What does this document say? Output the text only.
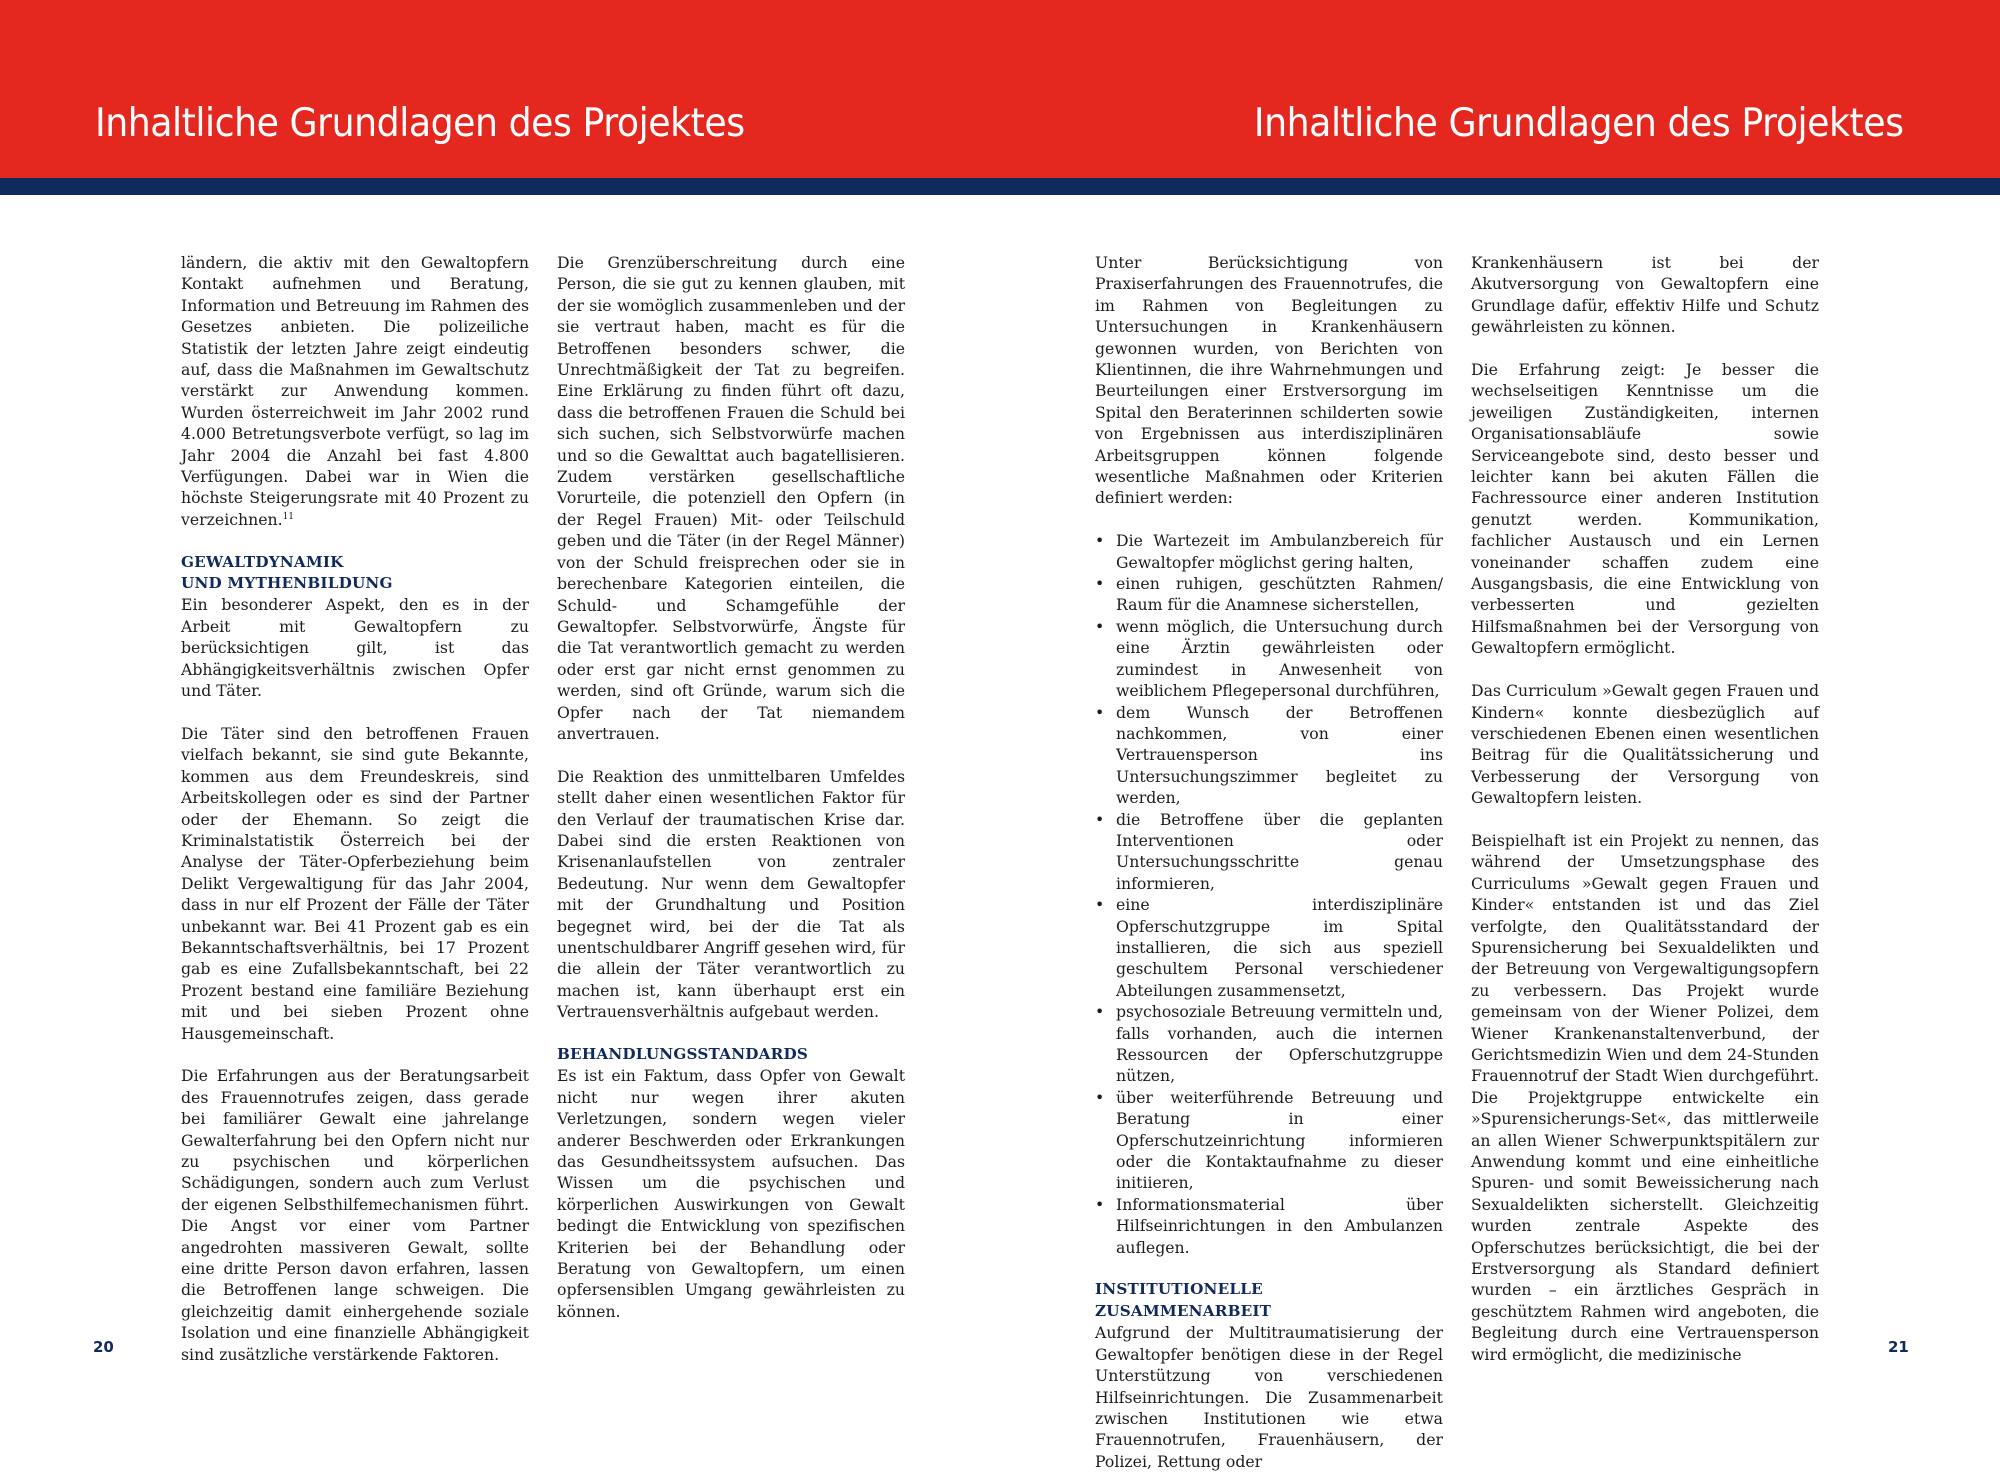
Inhaltliche Grundlagen des Projektes	Inhaltliche Grundlagen des Projektes

ländern, die aktiv mit den Gewaltopfern Kontakt aufnehmen und Beratung, Information und Betreuung im Rahmen des Gesetzes anbieten. Die polizeiliche Statistik der letzten Jahre zeigt eindeutig auf, dass die Maßnahmen im Gewaltschutz verstärkt zur Anwendung kommen. Wurden österreichweit im Jahr 2002 rund 4.000 Betretungsverbote verfügt, so lag im Jahr 2004 die Anzahl bei fast 4.800 Verfügungen. Dabei war in Wien die höchste Steigerungsrate mit 40 Prozent zu verzeichnen.$^{11}$

GEWALTDYNAMIK
UND MYTHENBILDUNG

Ein besonderer Aspekt, den es in der Arbeit mit Gewaltopfern zu berücksichtigen gilt, ist das Abhängigkeitsverhältnis zwischen Opfer und Täter.

Die Täter sind den betroffenen Frauen vielfach bekannt, sie sind gute Bekannte, kommen aus dem Freundeskreis, sind Arbeitskollegen oder es sind der Partner oder der Ehemann. So zeigt die Kriminalstatistik Österreich bei der Analyse der Täter-Opferbeziehung beim Delikt Vergewaltigung für das Jahr 2004, dass in nur elf Prozent der Fälle der Täter unbekannt war. Bei 41 Prozent gab es ein Bekanntschaftsverhältnis, bei 17 Prozent gab es eine Zufallsbekanntschaft, bei 22 Prozent bestand eine familiäre Beziehung mit und bei sieben Prozent ohne Hausgemeinschaft.

Die Erfahrungen aus der Beratungsarbeit des Frauennotrufes zeigen, dass gerade bei familiärer Gewalt eine jahrelange Gewalterfahrung bei den Opfern nicht nur zu psychischen und körperlichen Schädigungen, sondern auch zum Verlust der eigenen Selbsthilfemechanismen führt. Die Angst vor einer vom Partner angedrohten massiveren Gewalt, sollte eine dritte Person davon erfahren, lassen die Betroffenen lange schweigen. Die gleichzeitig damit einhergehende soziale Isolation und eine finanzielle Abhängigkeit sind zusätzliche verstärkende Faktoren.

Die Grenzüberschreitung durch eine Person, die sie gut zu kennen glauben, mit der sie womöglich zusammenleben und der sie vertraut haben, macht es für die Betroffenen besonders schwer, die Unrechtmäßigkeit der Tat zu begreifen. Eine Erklärung zu finden führt oft dazu, dass die betroffenen Frauen die Schuld bei sich suchen, sich Selbstvorwürfe machen und so die Gewalttat auch bagatellisieren. Zudem verstärken gesellschaftliche Vorurteile, die potenziell den Opfern (in der Regel Frauen) Mit- oder Teilschuld geben und die Täter (in der Regel Männer) von der Schuld freisprechen oder sie in berechenbare Kategorien einteilen, die Schuld- und Schamgefühle der Gewaltopfer. Selbstvorwürfe, Ängste für die Tat verantwortlich gemacht zu werden oder erst gar nicht ernst genommen zu werden, sind oft Gründe, warum sich die Opfer nach der Tat niemandem anvertrauen.

Die Reaktion des unmittelbaren Umfeldes stellt daher einen wesentlichen Faktor für den Verlauf der traumatischen Krise dar. Dabei sind die ersten Reaktionen von Krisenanlaufstellen von zentraler Bedeutung. Nur wenn dem Gewaltopfer mit der Grundhaltung und Position begegnet wird, bei der die Tat als unentschuldbarer Angriff gesehen wird, für die allein der Täter verantwortlich zu machen ist, kann überhaupt erst ein Vertrauensverhältnis aufgebaut werden.

BEHANDLUNGSSTANDARDS

Es ist ein Faktum, dass Opfer von Gewalt nicht nur wegen ihrer akuten Verletzungen, sondern wegen vieler anderer Beschwerden oder Erkrankungen das Gesundheitssystem aufsuchen. Das Wissen um die psychischen und körperlichen Auswirkungen von Gewalt bedingt die Entwicklung von spezifischen Kriterien bei der Behandlung oder Beratung von Gewaltopfern, um einen opfersensiblen Umgang gewährleisten zu können.

Unter Berücksichtigung von Praxiserfahrungen des Frauennotrufes, die im Rahmen von Begleitungen zu Untersuchungen in Krankenhäusern gewonnen wurden, von Berichten von Klientinnen, die ihre Wahrnehmungen und Beurteilungen einer Erstversorgung im Spital den Beraterinnen schilderten sowie von Ergebnissen aus interdisziplinären Arbeitsgruppen können folgende wesentliche Maßnahmen oder Kriterien definiert werden:

• Die Wartezeit im Ambulanzbereich für Gewaltopfer möglichst gering halten,
• einen ruhigen, geschützten Rahmen/ Raum für die Anamnese sicherstellen,
• wenn möglich, die Untersuchung durch eine Ärztin gewährleisten oder zumindest in Anwesenheit von weiblichem Pflegepersonal durchführen,
• dem Wunsch der Betroffenen nachkommen, von einer Vertrauensperson ins Untersuchungszimmer begleitet zu werden,
• die Betroffene über die geplanten Interventionen oder Untersuchungsschritte genau informieren,
• eine interdisziplinäre Opferschutzgruppe im Spital installieren, die sich aus speziell geschultem Personal verschiedener Abteilungen zusammensetzt,
• psychosoziale Betreuung vermitteln und, falls vorhanden, auch die internen Ressourcen der Opferschutzgruppe nützen,
• über weiterführende Betreuung und Beratung in einer Opferschutzeinrichtung informieren oder die Kontaktaufnahme zu dieser initiieren,
• Informationsmaterial über Hilfseinrichtungen in den Ambulanzen auflegen.
INSTITUTIONELLE ZUSAMMENARBEIT

Aufgrund der Multitraumatisierung der Gewaltopfer benötigen diese in der Regel Unterstützung von verschiedenen Hilfseinrichtungen. Die Zusammenarbeit zwischen Institutionen wie etwa Frauennotrufen, Frauenhäusern, der Polizei, Rettung oder

Krankenhäusern ist bei der Akutversorgung von Gewaltopfern eine Grundlage dafür, effektiv Hilfe und Schutz gewährleisten zu können.

Die Erfahrung zeigt: Je besser die wechselseitigen Kenntnisse um die jeweiligen Zuständigkeiten, internen Organisationsabläufe sowie Serviceangebote sind, desto besser und leichter kann bei akuten Fällen die Fachressource einer anderen Institution genutzt werden. Kommunikation, fachlicher Austausch und ein Lernen voneinander schaffen zudem eine Ausgangsbasis, die eine Entwicklung von verbesserten und gezielten Hilfsmaßnahmen bei der Versorgung von Gewaltopfern ermöglicht.

Das Curriculum »Gewalt gegen Frauen und Kindern« konnte diesbezüglich auf verschiedenen Ebenen einen wesentlichen Beitrag für die Qualitätssicherung und Verbesserung der Versorgung von Gewaltopfern leisten.

Beispielhaft ist ein Projekt zu nennen, das während der Umsetzungsphase des Curriculums »Gewalt gegen Frauen und Kinder« entstanden ist und das Ziel verfolgte, den Qualitätsstandard der Spurensicherung bei Sexualdelikten und der Betreuung von Vergewaltigungsopfern zu verbessern. Das Projekt wurde gemeinsam von der Wiener Polizei, dem Wiener Krankenanstaltenverbund, der Gerichtsmedizin Wien und dem 24-Stunden Frauennotruf der Stadt Wien durchgeführt. Die Projektgruppe entwickelte ein »Spurensicherungs-Set«, das mittlerweile an allen Wiener Schwerpunktspitälern zur Anwendung kommt und eine einheitliche Spuren- und somit Beweissicherung nach Sexualdelikten sicherstellt. Gleichzeitig wurden zentrale Aspekte des Opferschutzes berücksichtigt, die bei der Erstversorgung als Standard definiert wurden – ein ärztliches Gespräch in geschütztem Rahmen wird angeboten, die Begleitung durch eine Vertrauensperson wird ermöglicht, die medizinische

20	21
